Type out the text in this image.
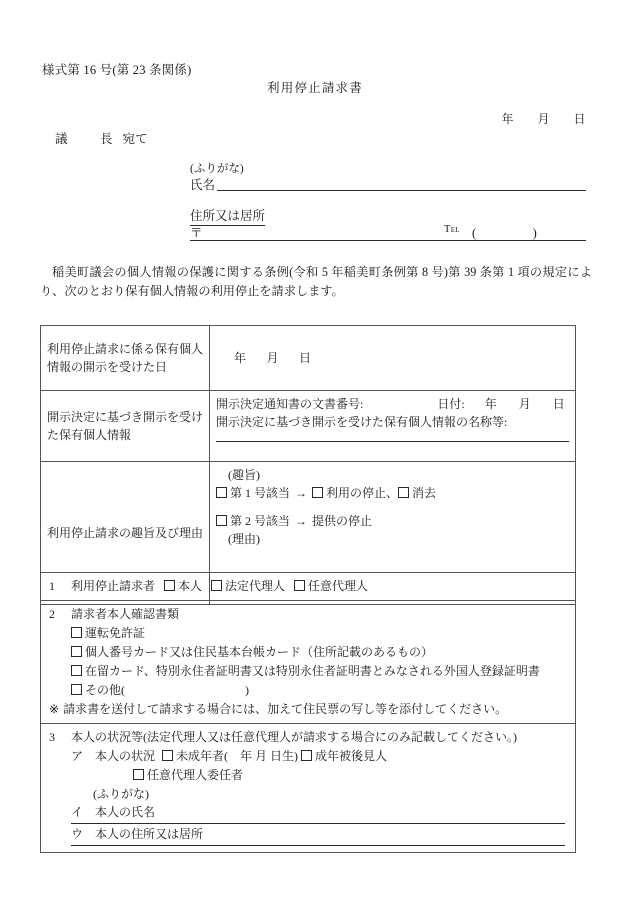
様式第 16 号(第 23 条関係)
利用停止請求書
年 月 日
議　長宛て
(ふりがな)
氏名
住所又は居所
〒	Tel (　)
稲美町議会の個人情報の保護に関する条例(令和 5 年稲美町条例第 8 号)第 39 条第 1 項の規定により、次のとおり保有個人情報の利用停止を請求します。
利用停止請求に係る保有個人情報の開示を受けた日	年 月 日
開示決定に基づき開示を受けた保有個人情報	開示決定通知書の文書番号: 日付: 年 月 日
開示決定に基づき開示を受けた保有個人情報の名称等:

利用停止請求の趣旨及び理由	(趣旨)
第 1 号該当 → 利用の停止、 消去
第 2 号該当 → 提供の停止
(理由)
1 利用停止請求者 本人 法定代理人 任意代理人

2 請求者本人確認書類
運転免許証
個人番号カード又は住民基本台帳カード（住所記載のあるもの）
在留カード、特別永住者証明書又は特別永住者証明書とみなされる外国人登録証明書
その他(　　　　　　　　　　)
※ 請求書を送付して請求する場合には、加えて住民票の写し等を添付してください。

3 本人の状況等(法定代理人又は任意代理人が請求する場合にのみ記載してください。)
ア 本人の状況 未成年者(　年 月 日生) 成年被後見人
任意代理人委任者
(ふりがな)
イ 本人の氏名
ウ 本人の住所又は居所
